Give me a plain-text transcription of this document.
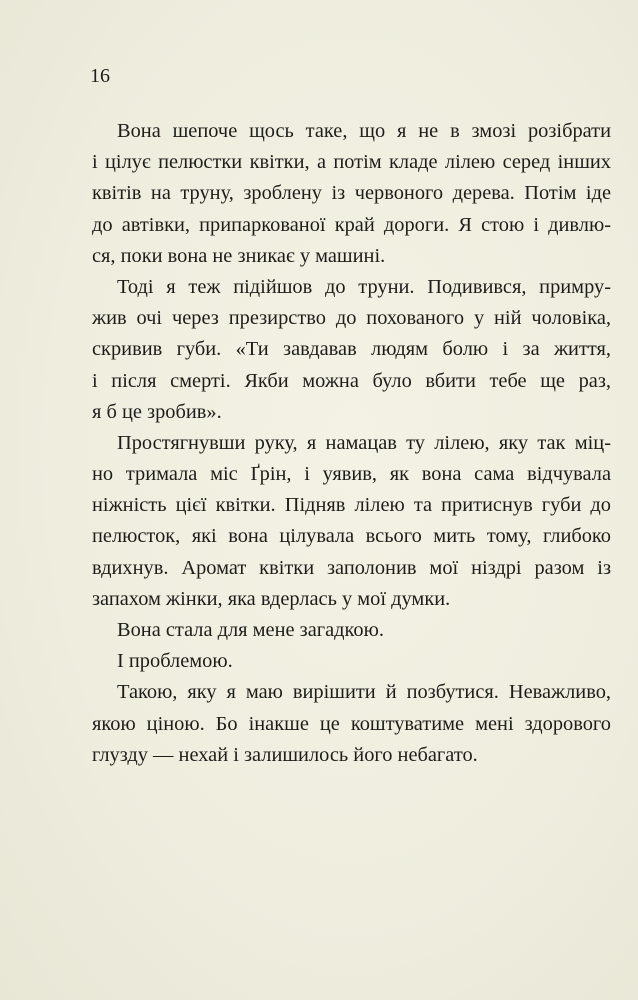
16
Вона шепоче щось таке, що я не в змозі розібрати
і цілує пелюстки квітки, а потім кладе лілею серед інших
квітів на труну, зроблену із червоного дерева. Потім іде
до автівки, припаркованої край дороги. Я стою і дивлю-
ся, поки вона не зникає у машині.
Тоді я теж підійшов до труни. Подивився, примру-
жив очі через презирство до похованого у ній чоловіка,
скривив губи. «Ти завдавав людям болю і за життя,
і після смерті. Якби можна було вбити тебе ще раз,
я б це зробив».
Простягнувши руку, я намацав ту лілею, яку так міц-
но тримала міс Ґрін, і уявив, як вона сама відчувала
ніжність цієї квітки. Підняв лілею та притиснув губи до
пелюсток, які вона цілувала всього мить тому, глибоко
вдихнув. Аромат квітки заполонив мої ніздрі разом із
запахом жінки, яка вдерлась у мої думки.
Вона стала для мене загадкою.
І проблемою.
Такою, яку я маю вирішити й позбутися. Неважливо,
якою ціною. Бо інакше це коштуватиме мені здорового
глузду — нехай і залишилось його небагато.
